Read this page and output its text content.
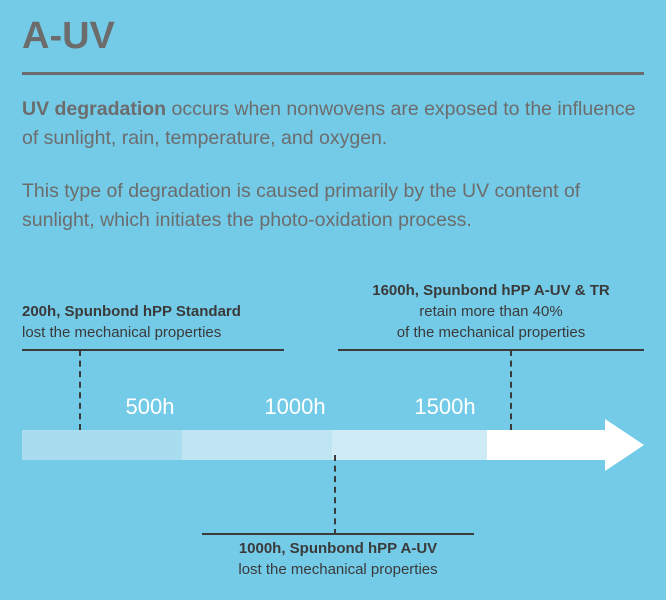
A-UV
UV degradation occurs when nonwovens are exposed to the influence of sunlight, rain, temperature, and oxygen.
This type of degradation is caused primarily by the UV content of sunlight, which initiates the photo-oxidation process.
200h, Spunbond hPP Standard
lost the mechanical properties
1600h, Spunbond hPP A-UV & TR
retain more than 40%
of the mechanical properties
500h	1000h	1500h
1000h, Spunbond hPP A-UV
lost the mechanical properties
